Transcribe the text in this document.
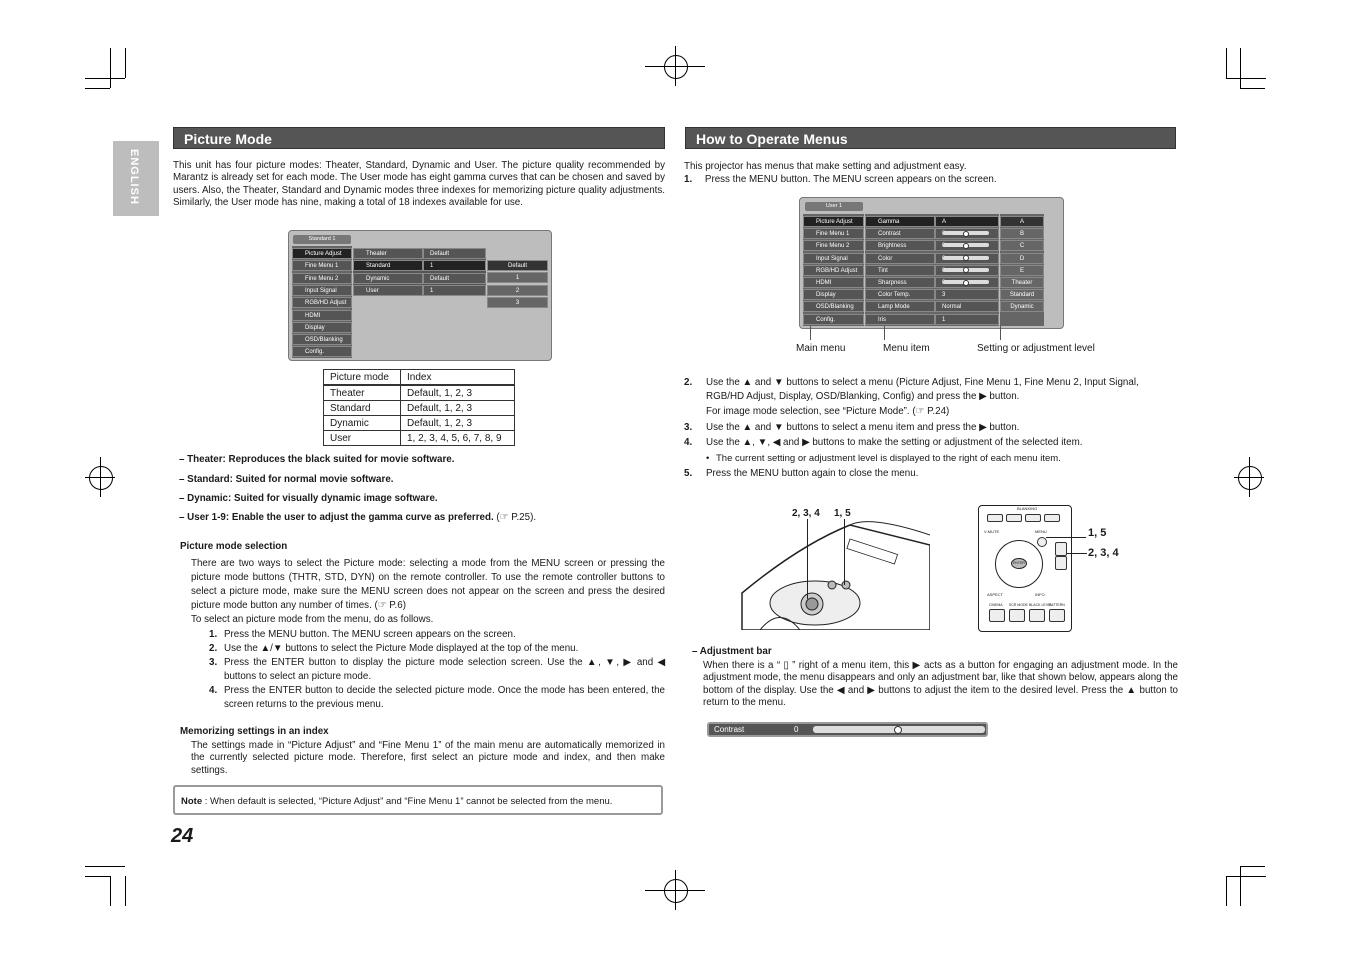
ENGLISH
Picture Mode
This unit has four picture modes: Theater, Standard, Dynamic and User. The picture quality recommended by Marantz is already set for each mode. The User mode has eight gamma curves that can be chosen and saved by users. Also, the Theater, Standard and Dynamic modes three indexes for memorizing picture quality adjustments. Similarly, the User mode has nine, making a total of 18 indexes available for use.
Standard 1
Picture Adjust
Fine Menu 1
Fine Menu 2
Input Signal
RGB/HD Adjust
HDMI
Display
OSD/Blanking
Config.
Theater	Default
Standard	1
Dynamic	Default
User	1
Default
1
2
3
Picture mode	Index
Theater	Default, 1, 2, 3
Standard	Default, 1, 2, 3
Dynamic	Default, 1, 2, 3
User	1, 2, 3, 4, 5, 6, 7, 8, 9
– Theater: Reproduces the black suited for movie software.
– Standard: Suited for normal movie software.
– Dynamic: Suited for visually dynamic image software.
– User 1-9: Enable the user to adjust the gamma curve as preferred. (☞ P.25).
Picture mode selection
There are two ways to select the Picture mode: selecting a mode from the MENU screen or pressing the picture mode buttons (THTR, STD, DYN) on the remote controller. To use the remote controller buttons to select a picture mode, make sure the MENU screen does not appear on the screen and press the desired picture mode button any number of times. (☞ P.6)
To select an picture mode from the menu, do as follows.
1. Press the MENU button. The MENU screen appears on the screen.
2. Use the ▲/▼ buttons to select the Picture Mode displayed at the top of the menu.
3. Press the ENTER button to display the picture mode selection screen. Use the ▲, ▼, ▶ and ◀ buttons to select an picture mode.
4. Press the ENTER button to decide the selected picture mode. Once the mode has been entered, the screen returns to the previous menu.
Memorizing settings in an index
The settings made in “Picture Adjust” and “Fine Menu 1” of the main menu are automatically memorized in the currently selected picture mode. Therefore, first select an picture mode and index, and then make settings.
Note : When default is selected, “Picture Adjust” and “Fine Menu 1” cannot be selected from the menu.
24
How to Operate Menus
This projector has menus that make setting and adjustment easy.
1. Press the MENU button. The MENU screen appears on the screen.
User 1
Picture Adjust
Fine Menu 1
Fine Menu 2
Input Signal
RGB/HD Adjust
HDMI
Display
OSD/Blanking
Config.
Gamma	A
Contrast
Brightness
Color
Tint
Sharpness
Color Temp.	3
Lamp Mode	Normal
Iris	1
A
B
C
D
E
Theater
Standard
Dynamic
Main menu	Menu item	Setting or adjustment level
2.	Use the ▲ and ▼ buttons to select a menu (Picture Adjust, Fine Menu 1, Fine Menu 2, Input Signal, RGB/HD Adjust, Display, OSD/Blanking, Config) and press the ▶ button.
For image mode selection, see “Picture Mode”. (☞ P.24)
3.	Use the ▲ and ▼ buttons to select a menu item and press the ▶ button.
4.	Use the ▲, ▼, ◀ and ▶ buttons to make the setting or adjustment of the selected item.
• The current setting or adjustment level is displayed to the right of each menu item.
5.	Press the MENU button again to close the menu.
2, 3, 4 1, 5	BLANKING
V-MUTE	MENU
ENTER
ASPECT	INFO.
CINEMA SCR MODE BLACK LEVEL
PATTERN
1, 5
2, 3, 4
– Adjustment bar
When there is a “ ▯ ” right of a menu item, this ▶ acts as a button for engaging an adjustment mode. In the adjustment mode, the menu disappears and only an adjustment bar, like that shown below, appears along the bottom of the display. Use the ◀ and ▶ buttons to adjust the item to the desired level. Press the ▲ button to return to the menu.
Contrast	0
